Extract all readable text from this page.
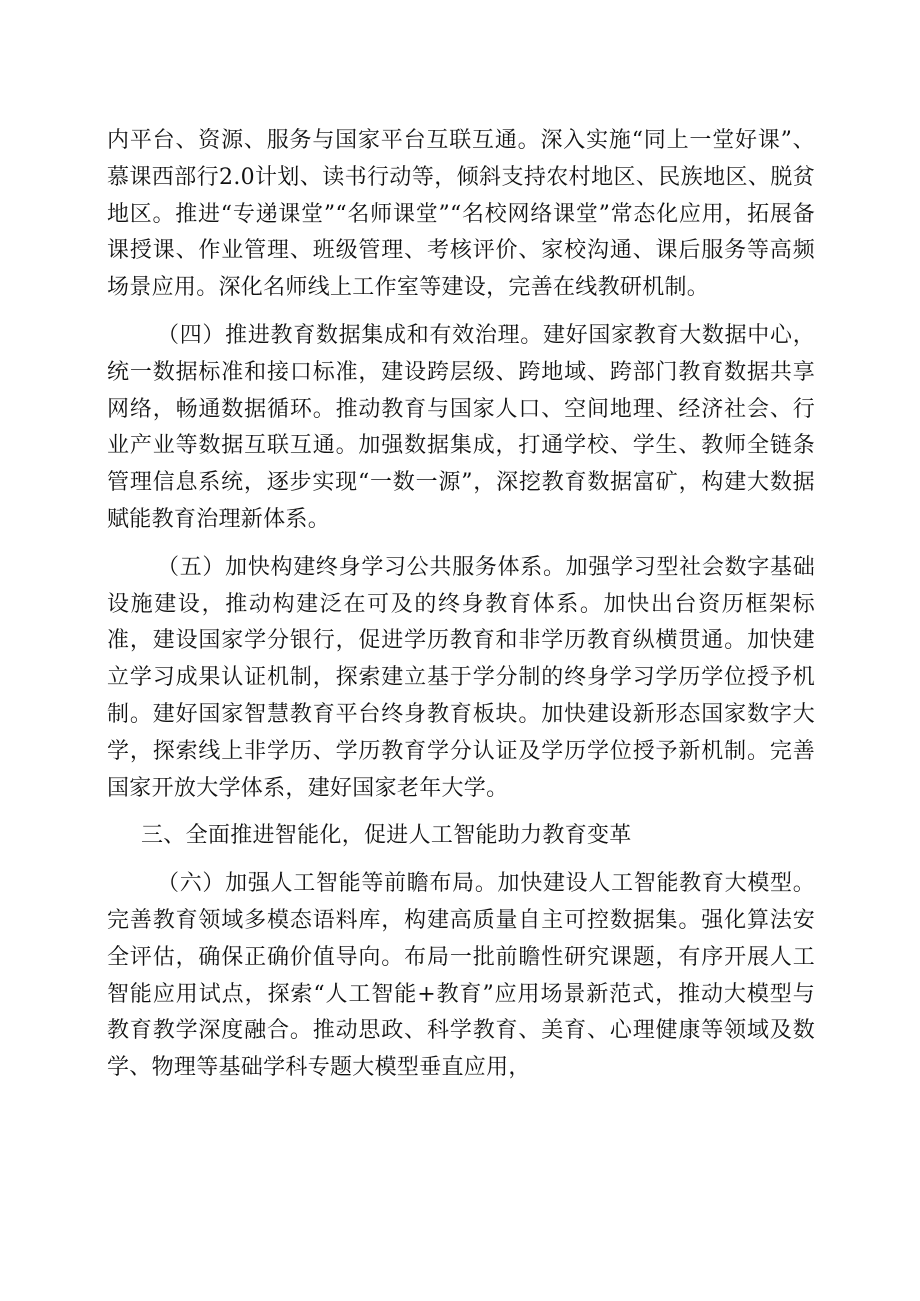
内平台、资源、服务与国家平台互联互通。深入实施“同上一堂好课”、慕课西部行2.0计划、读书行动等，倾斜支持农村地区、民族地区、脱贫地区。推进“专递课堂”“名师课堂”“名校网络课堂”常态化应用，拓展备课授课、作业管理、班级管理、考核评价、家校沟通、课后服务等高频场景应用。深化名师线上工作室等建设，完善在线教研机制。

（四）推进教育数据集成和有效治理。建好国家教育大数据中心，统一数据标准和接口标准，建设跨层级、跨地域、跨部门教育数据共享网络，畅通数据循环。推动教育与国家人口、空间地理、经济社会、行业产业等数据互联互通。加强数据集成，打通学校、学生、教师全链条管理信息系统，逐步实现“一数一源”，深挖教育数据富矿，构建大数据赋能教育治理新体系。

（五）加快构建终身学习公共服务体系。加强学习型社会数字基础设施建设，推动构建泛在可及的终身教育体系。加快出台资历框架标准，建设国家学分银行，促进学历教育和非学历教育纵横贯通。加快建立学习成果认证机制，探索建立基于学分制的终身学习学历学位授予机制。建好国家智慧教育平台终身教育板块。加快建设新形态国家数字大学，探索线上非学历、学历教育学分认证及学历学位授予新机制。完善国家开放大学体系，建好国家老年大学。

三、全面推进智能化，促进人工智能助力教育变革

（六）加强人工智能等前瞻布局。加快建设人工智能教育大模型。完善教育领域多模态语料库，构建高质量自主可控数据集。强化算法安全评估，确保正确价值导向。布局一批前瞻性研究课题，有序开展人工智能应用试点，探索“人工智能+教育”应用场景新范式，推动大模型与教育教学深度融合。推动思政、科学教育、美育、心理健康等领域及数学、物理等基础学科专题大模型垂直应用，
